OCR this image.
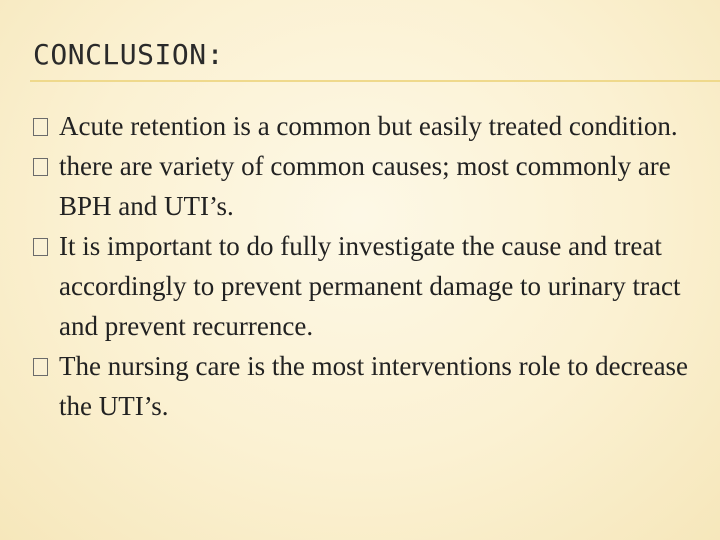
CONCLUSION:
Acute retention is a common but easily treated condition.
there are variety of common causes; most commonly are BPH and UTI’s.
It is important to do fully investigate the cause and treat accordingly to prevent permanent damage to urinary tract and prevent recurrence.
The nursing care is the most interventions role to decrease the UTI’s.
